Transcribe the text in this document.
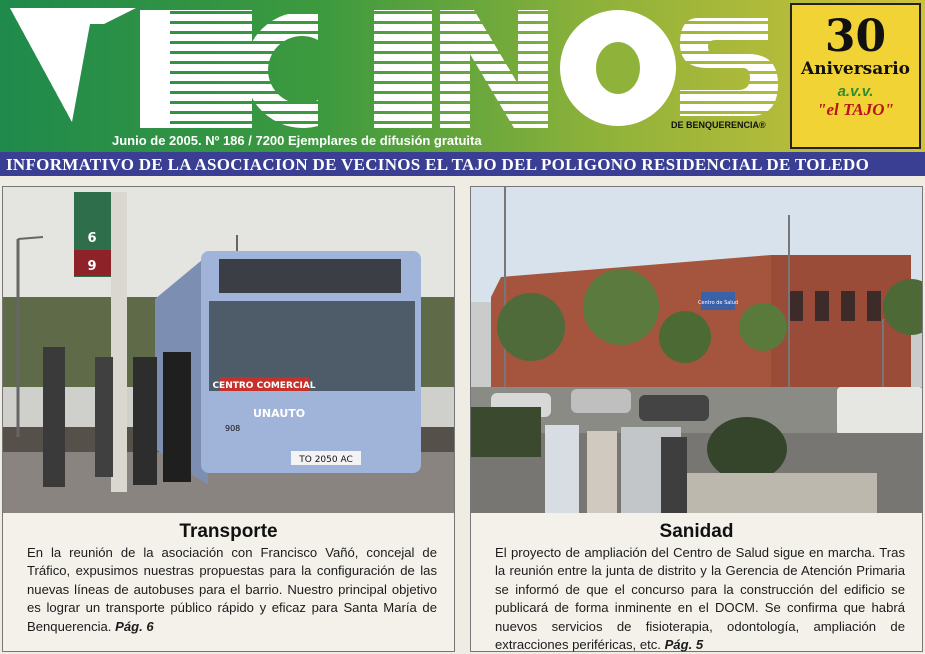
Junio de 2005. Nº 186 / 7200 Ejemplares de difusión gratuita
DE BENQUERENCIA®
30
Aniversario
a.v.v.
"el TAJO"
INFORMATIVO DE LA ASOCIACION DE VECINOS EL TAJO DEL POLIGONO RESIDENCIAL DE TOLEDO
6
9
CENTRO COMERCIAL
UNAUTO
908
TO 2050 AC
Transporte
En la reunión de la asociación con Francisco Vañó, concejal de Tráfico, expusimos nuestras propuestas para la configuración de las nuevas líneas de autobuses para el barrio. Nuestro principal objetivo es lograr un transporte público rápido y eficaz para Santa María de Benquerencia. Pág. 6
Centro de Salud
Sanidad
El proyecto de ampliación del Centro de Salud sigue en marcha. Tras la reunión entre la junta de distrito y la Gerencia de Atención Primaria se informó de que el concurso para la construcción del edificio se publicará de forma inminente en el DOCM. Se confirma que habrá nuevos servicios de fisioterapia, odontología, ampliación de extracciones periféricas, etc. Pág. 5
